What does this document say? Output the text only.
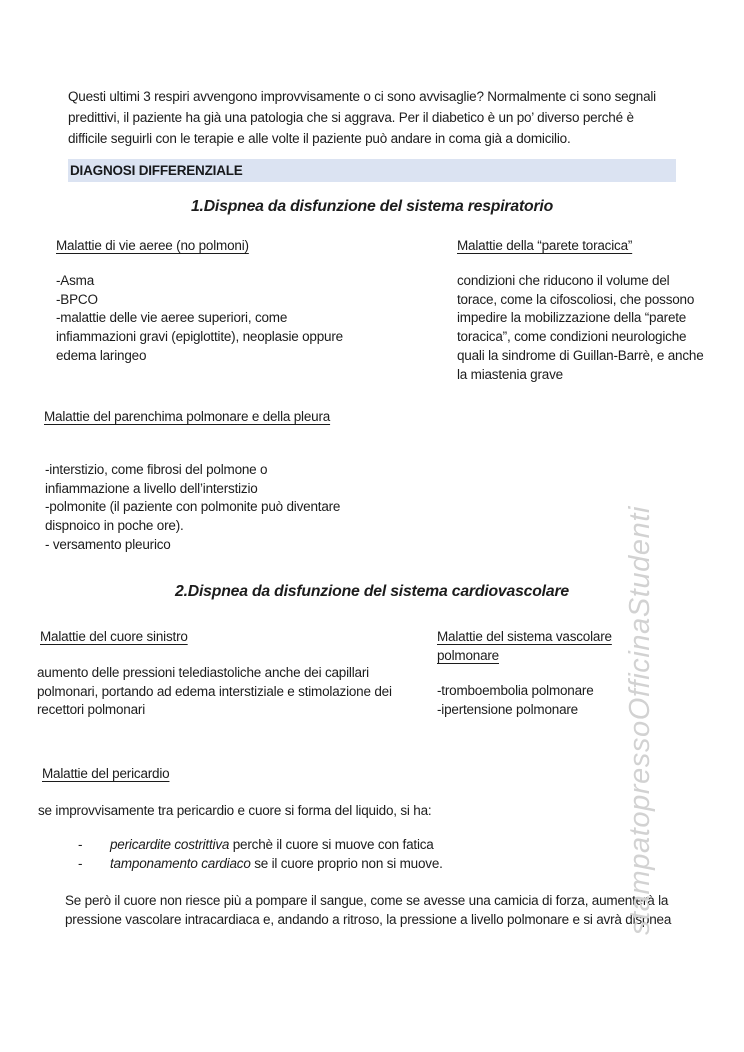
Questi ultimi 3 respiri avvengono improvvisamente o ci sono avvisaglie? Normalmente ci sono segnali predittivi, il paziente ha già una patologia che si aggrava. Per il diabetico è un po’ diverso perché è difficile seguirli con le terapie e alle volte il paziente può andare in coma già a domicilio.

DIAGNOSI DIFFERENZIALE
1.Dispnea da disfunzione del sistema respiratorio
Malattie di vie aeree (no polmoni)	Malattie della “parete toracica”
-Asma
-BPCO
-malattie delle vie aeree superiori, come infiammazioni gravi (epiglottite), neoplasie oppure edema laringeo
condizioni che riducono il volume del torace, come la cifoscoliosi, che possono impedire la mobilizzazione della “parete toracica”, come condizioni neurologiche quali la sindrome di Guillan-Barrè, e anche la miastenia grave
Malattie del parenchima polmonare e della pleura
-interstizio, come fibrosi del polmone o infiammazione a livello dell’interstizio
-polmonite (il paziente con polmonite può diventare dispnoico in poche ore).
- versamento pleurico
2.Dispnea da disfunzione del sistema cardiovascolare
Malattie del cuore sinistro	Malattie del sistema vascolare polmonare
aumento delle pressioni telediastoliche anche dei capillari polmonari, portando ad edema interstiziale e stimolazione dei recettori polmonari
-tromboembolia polmonare
-ipertensione polmonare
Malattie del pericardio
se improvvisamente tra pericardio e cuore si forma del liquido, si ha:
-	pericardite costrittiva perchè il cuore si muove con fatica
-	tamponamento cardiaco se il cuore proprio non si muove.

Se però il cuore non riesce più a pompare il sangue, come se avesse una camicia di forza, aumenterà la pressione vascolare intracardiaca e, andando a ritroso, la pressione a livello polmonare e si avrà dispnea

stampatopressoOfficinaStudenti
